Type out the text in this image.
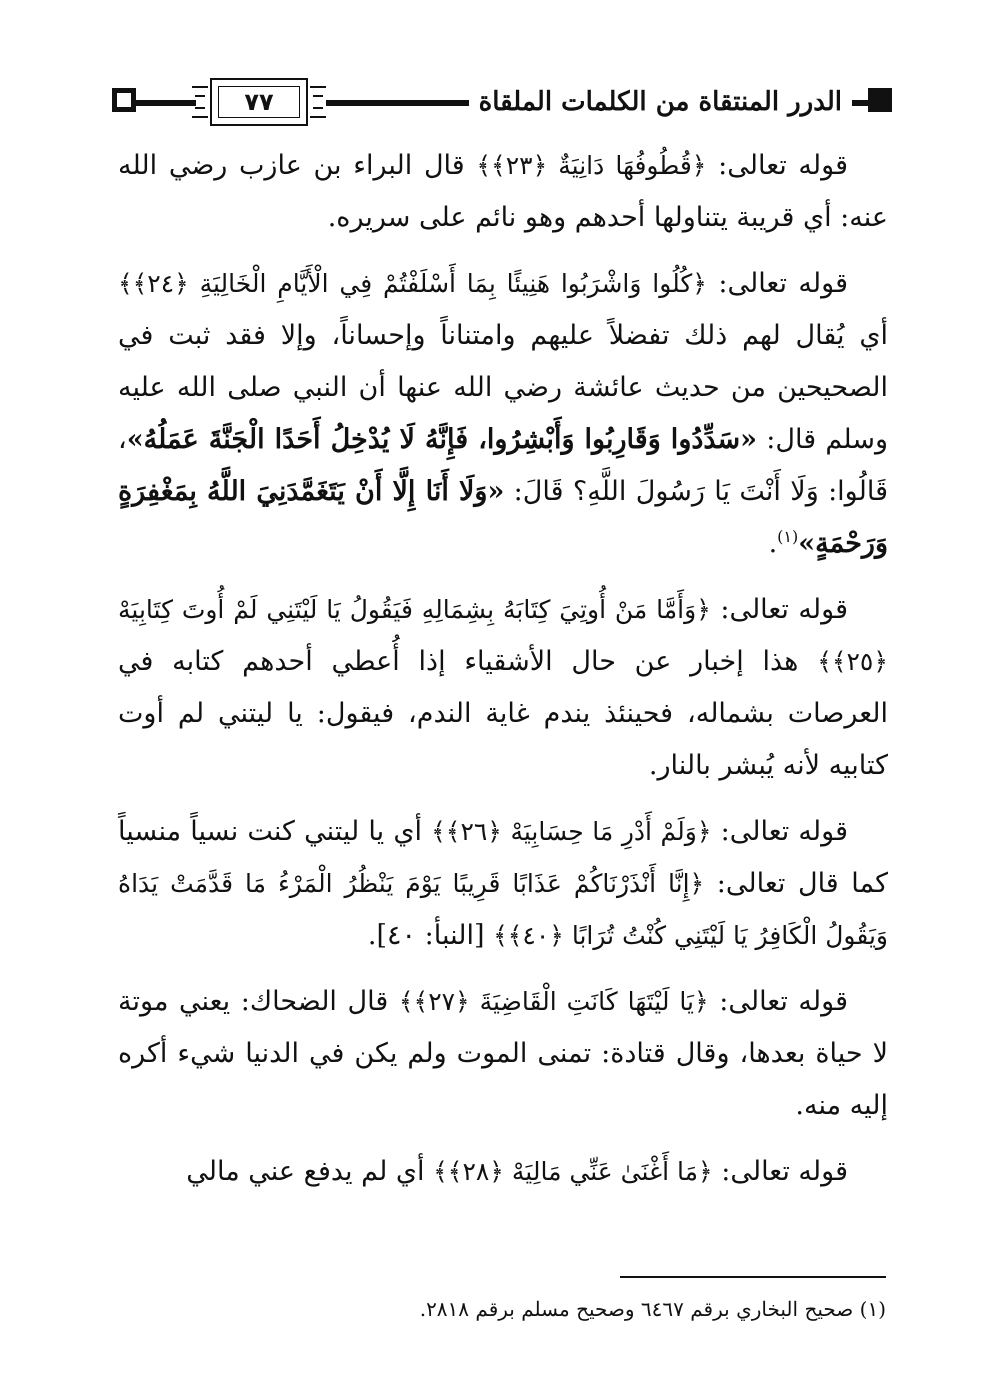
٧٧	الدرر المنتقاة من الكلمات الملقاة

قوله تعالى: ﴿قُطُوفُهَا دَانِيَةٌ ﴿٢٣﴾﴾ قال البراء بن عازب رضي الله عنه: أي قريبة يتناولها أحدهم وهو نائم على سريره.

قوله تعالى: ﴿كُلُوا وَاشْرَبُوا هَنِيئًا بِمَا أَسْلَفْتُمْ فِي الْأَيَّامِ الْخَالِيَةِ ﴿٢٤﴾﴾ أي يُقال لهم ذلك تفضلاً عليهم وامتناناً وإحساناً، وإلا فقد ثبت في الصحيحين من حديث عائشة رضي الله عنها أن النبي صلى الله عليه وسلم قال: «سَدِّدُوا وَقَارِبُوا وَأَبْشِرُوا، فَإِنَّهُ لَا يُدْخِلُ أَحَدًا الْجَنَّةَ عَمَلُهُ»، قَالُوا: وَلَا أَنْتَ يَا رَسُولَ اللَّهِ؟ قَالَ: «وَلَا أَنَا إِلَّا أَنْ يَتَغَمَّدَنِيَ اللَّهُ بِمَغْفِرَةٍ وَرَحْمَةٍ»$^{(١)}$.

قوله تعالى: ﴿وَأَمَّا مَنْ أُوتِيَ كِتَابَهُ بِشِمَالِهِ فَيَقُولُ يَا لَيْتَنِي لَمْ أُوتَ كِتَابِيَهْ ﴿٢٥﴾﴾ هذا إخبار عن حال الأشقياء إذا أُعطي أحدهم كتابه في العرصات بشماله، فحينئذ يندم غاية الندم، فيقول: يا ليتني لم أوت كتابيه لأنه يُبشر بالنار.

قوله تعالى: ﴿وَلَمْ أَدْرِ مَا حِسَابِيَهْ ﴿٢٦﴾﴾ أي يا ليتني كنت نسياً منسياً كما قال تعالى: ﴿إِنَّا أَنْذَرْنَاكُمْ عَذَابًا قَرِيبًا يَوْمَ يَنْظُرُ الْمَرْءُ مَا قَدَّمَتْ يَدَاهُ وَيَقُولُ الْكَافِرُ يَا لَيْتَنِي كُنْتُ تُرَابًا ﴿٤٠﴾﴾ [النبأ: ٤٠].

قوله تعالى: ﴿يَا لَيْتَهَا كَانَتِ الْقَاضِيَةَ ﴿٢٧﴾﴾ قال الضحاك: يعني موتة لا حياة بعدها، وقال قتادة: تمنى الموت ولم يكن في الدنيا شيء أكره إليه منه.

قوله تعالى: ﴿مَا أَغْنَىٰ عَنِّي مَالِيَهْ ﴿٢٨﴾﴾ أي لم يدفع عني مالي

(١) صحيح البخاري برقم ٦٤٦٧ وصحيح مسلم برقم ٢٨١٨.
